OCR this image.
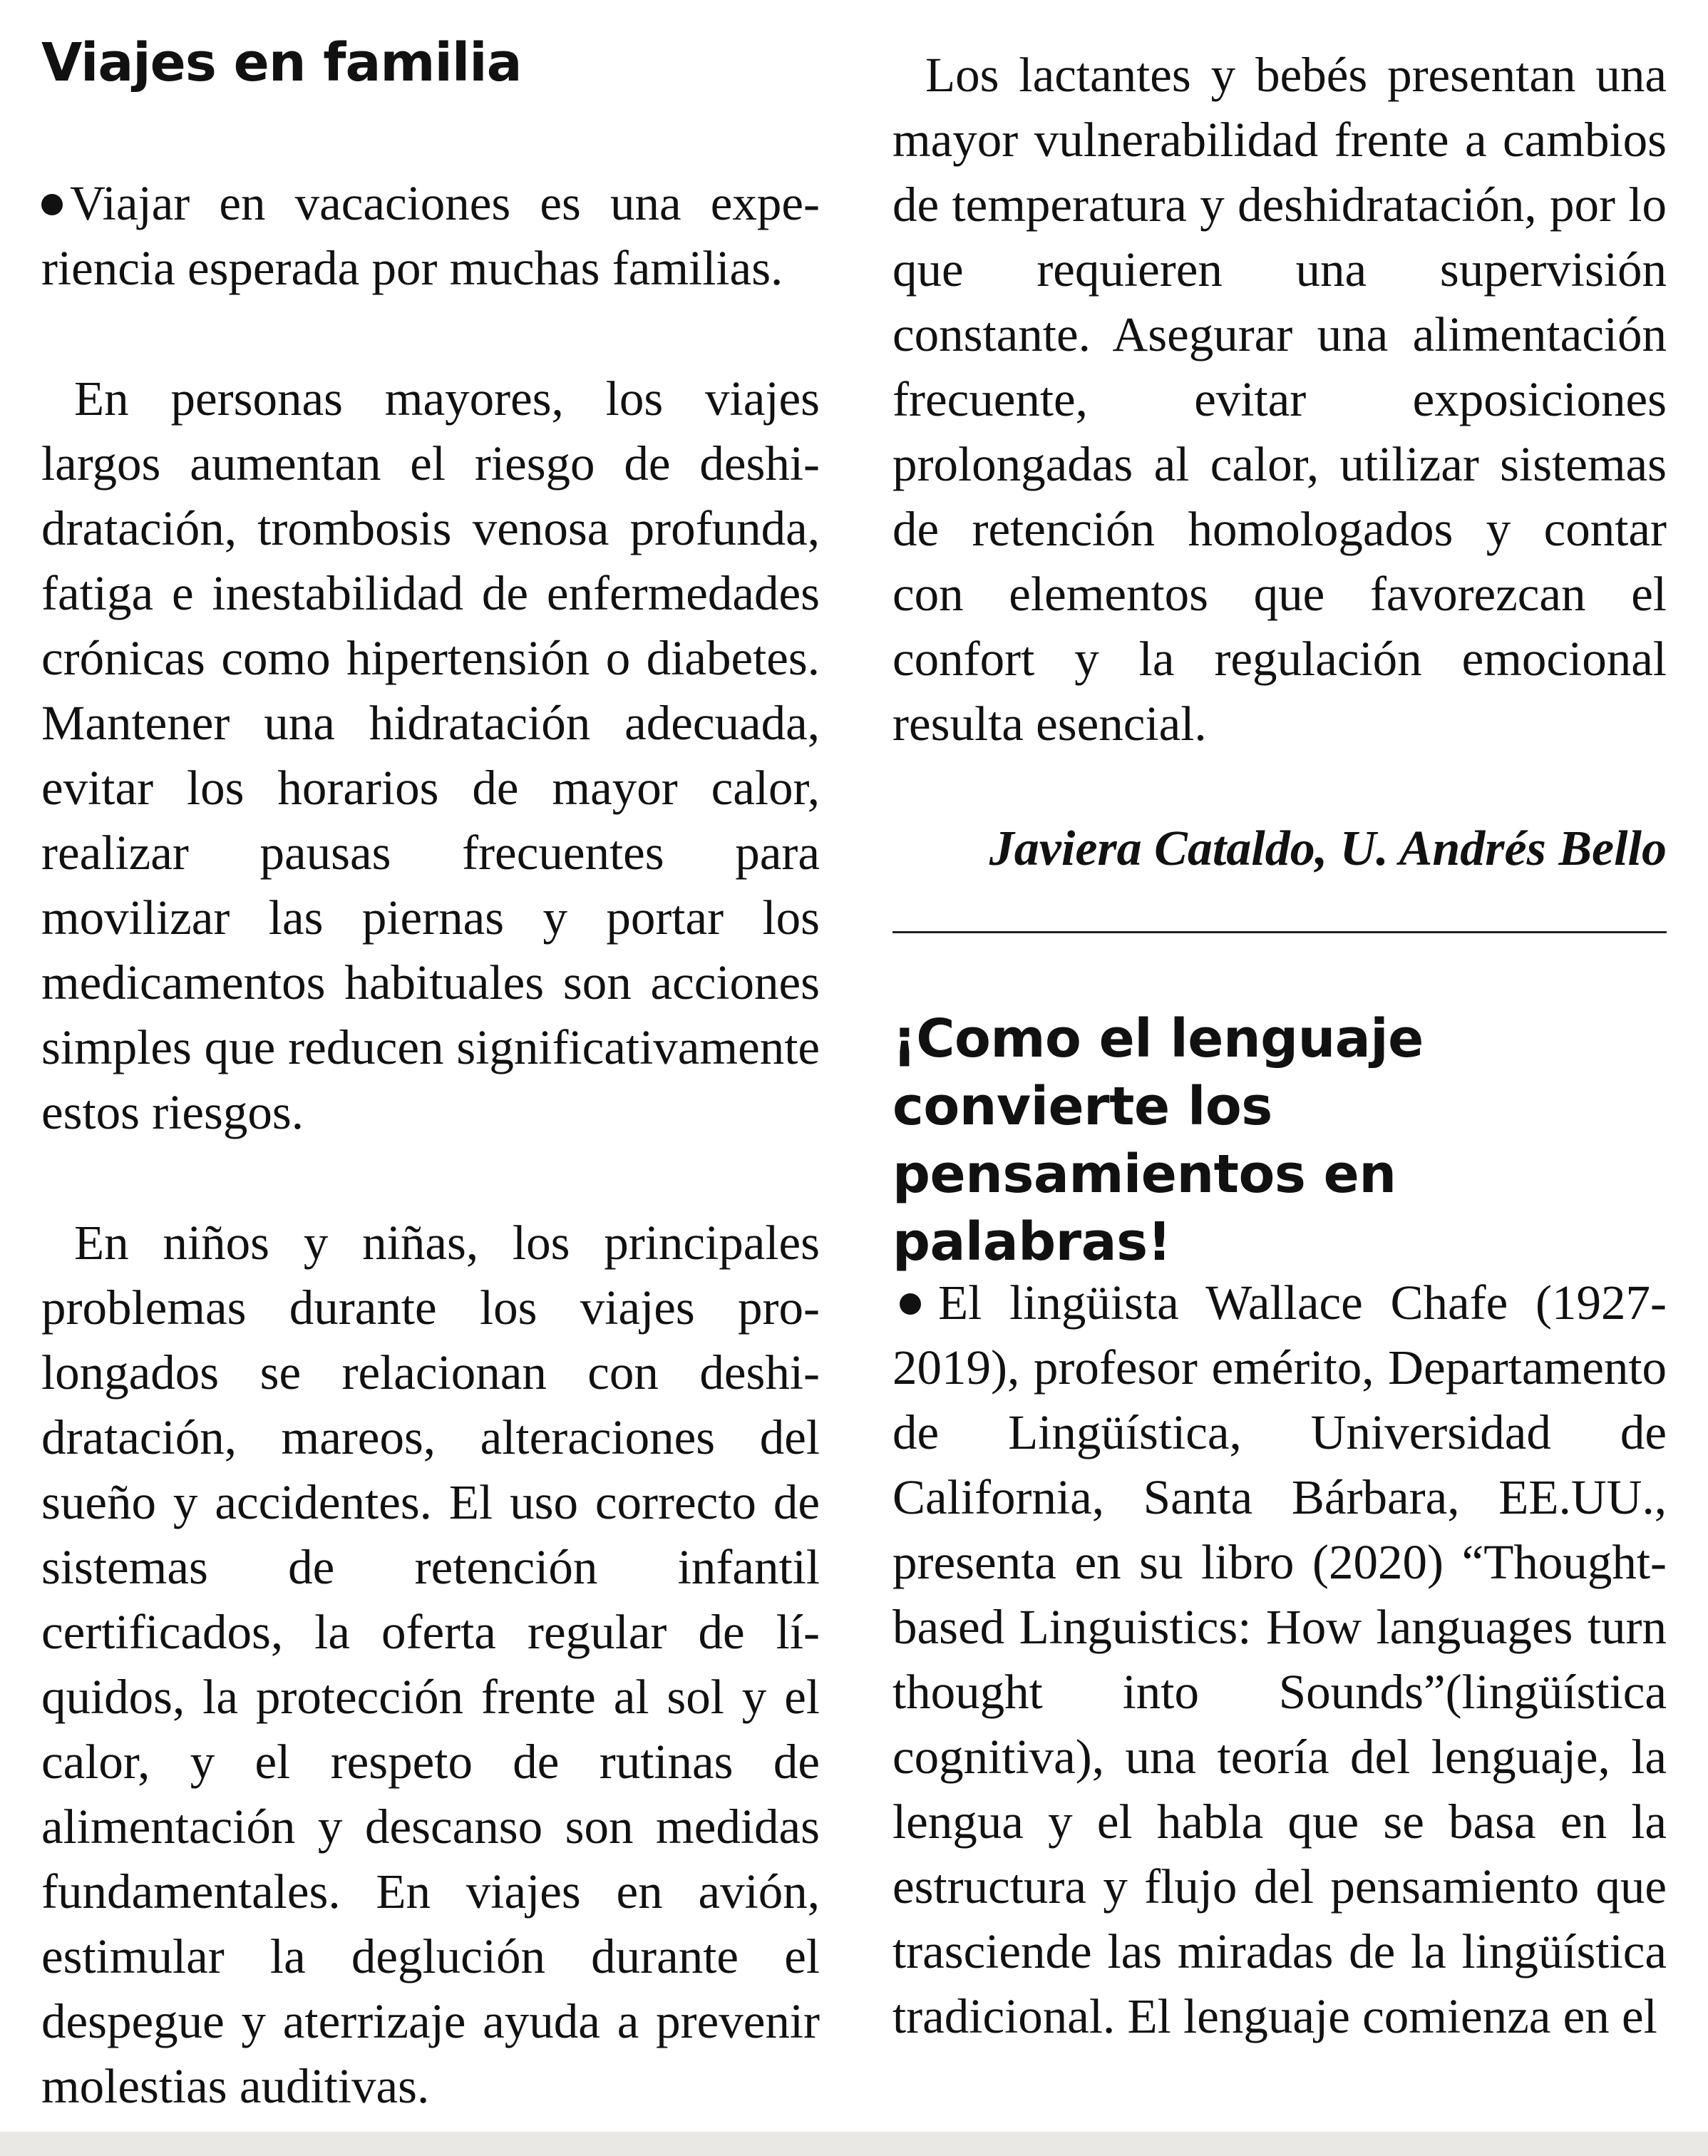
Viajes en familia

Viajar en vacaciones es una experiencia esperada por muchas familias.

En personas mayores, los viajes largos aumentan el riesgo de deshidratación, trombosis venosa profunda, fatiga e inestabilidad de enfermedades crónicas como hipertensión o diabetes. Mantener una hidratación adecuada, evitar los horarios de mayor calor, realizar pausas frecuentes para movilizar las piernas y portar los medicamentos habituales son acciones simples que reducen significativamente estos riesgos.

En niños y niñas, los principales problemas durante los viajes prolongados se relacionan con deshidratación, mareos, alteraciones del sueño y accidentes. El uso correcto de sistemas de retención infantil certificados, la oferta regular de líquidos, la protección frente al sol y el calor, y el respeto de rutinas de alimentación y descanso son medidas fundamentales. En viajes en avión, estimular la deglución durante el despegue y aterrizaje ayuda a prevenir molestias auditivas.

Los lactantes y bebés presentan una mayor vulnerabilidad frente a cambios de temperatura y deshidratación, por lo que requieren una supervisión constante. Asegurar una alimentación frecuente, evitar exposiciones prolongadas al calor, utilizar sistemas de retención homologados y contar con elementos que favorezcan el confort y la regulación emocional resulta esencial.

Javiera Cataldo, U. Andrés Bello
¡Como el lenguaje convierte los pensamientos en palabras!

El lingüista Wallace Chafe (1927-2019), profesor emérito, Departamento de Lingüística, Universidad de California, Santa Bárbara, EE.UU., presenta en su libro (2020) “Thought-based Linguistics: How languages turn thought into Sounds”(lingüística cognitiva), una teoría del lenguaje, la lengua y el habla que se basa en la estructura y flujo del pensamiento que trasciende las miradas de la lingüística tradicional. El lenguaje comienza en el
